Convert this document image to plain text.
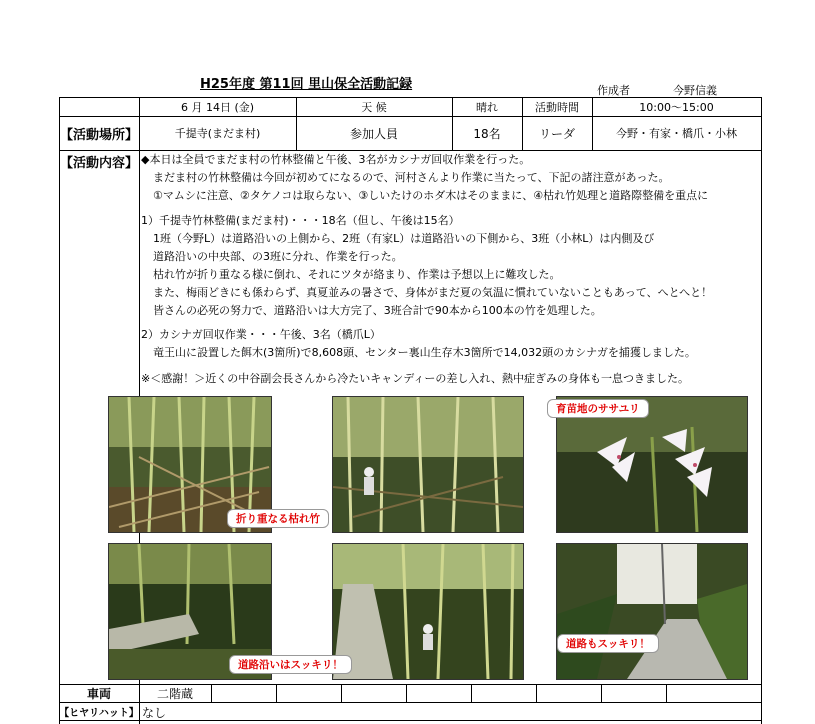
H25年度 第11回 里山保全活動記録	作成者	今野信義
6 月 14日 (金)	天 候	晴れ	活動時間	10:00～15:00
【活動場所】	千提寺(まだま村)	参加人員	18名	リーダ	今野・有家・橋爪・小林
【活動内容】 ◆本日は全員でまだま村の竹林整備と午後、3名がカシナガ回収作業を行った。
まだま村の竹林整備は今回が初めてになるので、河村さんより作業に当たって、下記の諸注意があった。
①マムシに注意、②タケノコは取らない、③しいたけのホダ木はそのままに、④枯れ竹処理と道路際整備を重点に
1）千提寺竹林整備(まだま村)・・・18名（但し、午後は15名）
1班（今野L）は道路沿いの上側から、2班（有家L）は道路沿いの下側から、3班（小林L）は内側及び
道路沿いの中央部、の3班に分れ、作業を行った。
枯れ竹が折り重なる様に倒れ、それにツタが絡まり、作業は予想以上に難攻した。
また、梅雨どきにも係わらず、真夏並みの暑さで、身体がまだ夏の気温に慣れていないこともあって、へとへと！
皆さんの必死の努力で、道路沿いは大方完了、3班合計で90本から100本の竹を処理した。
2）カシナガ回収作業・・・午後、3名（橋爪L）
竜王山に設置した餌木(3箇所)で8,608頭、センター裏山生存木3箇所で14,032頭のカシナガを捕獲しました。
※＜感謝！＞近くの中谷副会長さんから冷たいキャンディーの差し入れ、熱中症ぎみの身体も一息つきました。
折り重なる枯れ竹
育苗地のササユリ
道路沿いはスッキリ！
道路もスッキリ！
車両	二階蔵
【ヒヤリハット】 なし
